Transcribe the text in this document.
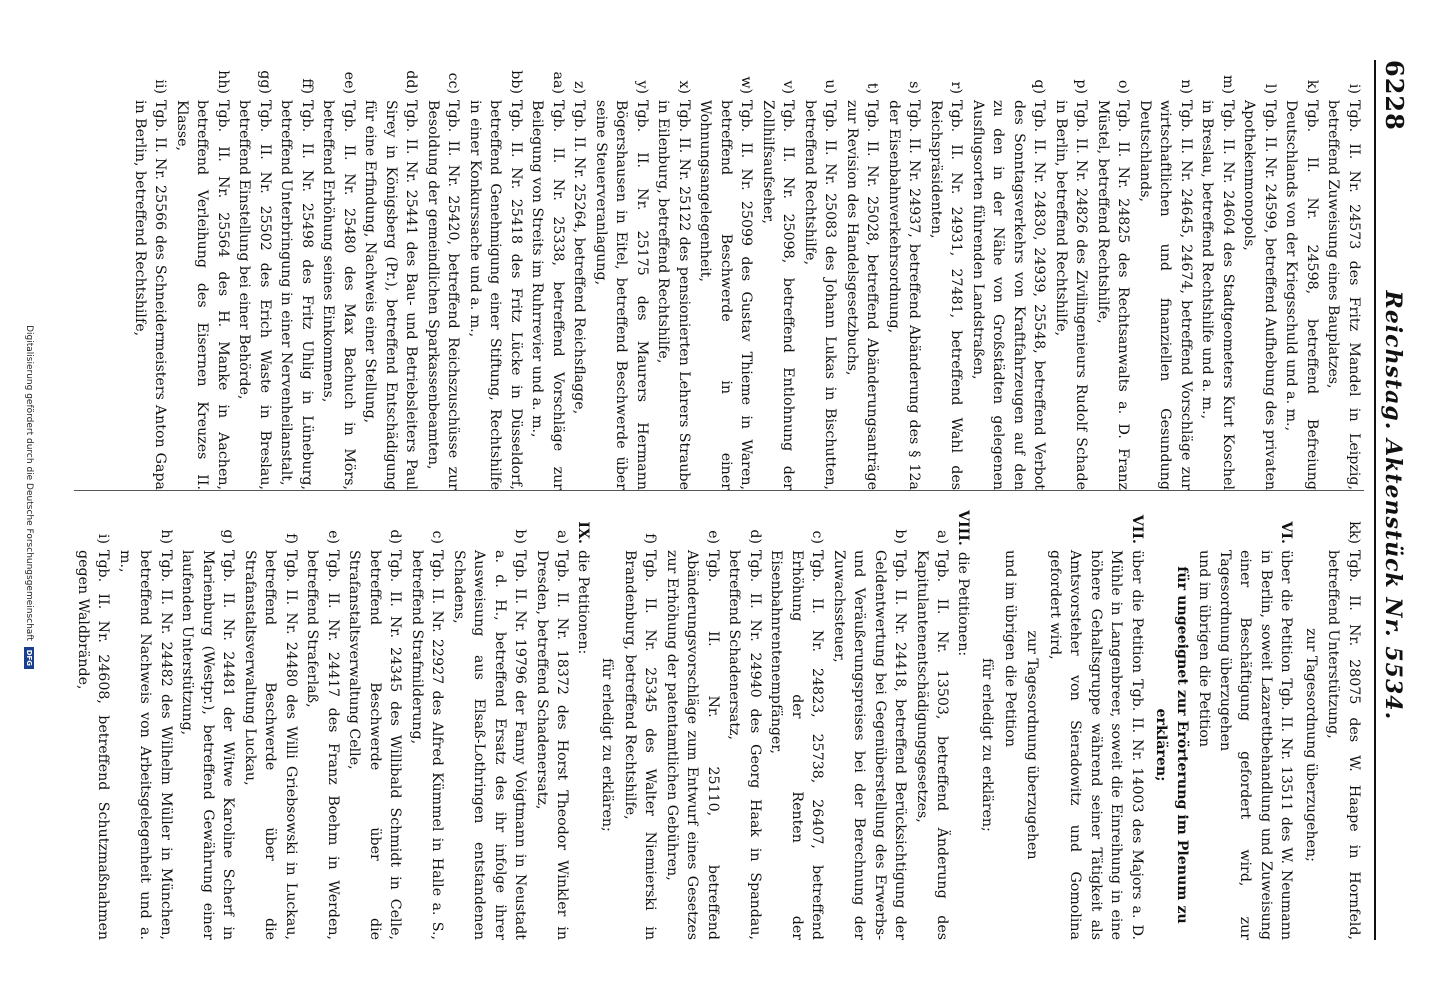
6228
Reichstag. Aktenstück Nr. 5534.
i)
Tgb. II. Nr. 24573 des Fritz Mandel in Leipzig, betreffend Zuweisung eines Bauplatzes,
k)
Tgb. II. Nr. 24598, betreffend Befreiung Deutschlands von der Kriegsschuld und a. m.,
l)
Tgb. II. Nr. 24599, betreffend Aufhebung des privaten Apothekenmonopols,
m)
Tgb. II. Nr. 24604 des Stadtgeometers Kurt Koschel in Breslau, betreffend Rechtshilfe und a. m.,
n)
Tgb. II. Nr. 24645, 24674, betreffend Vorschläge zur wirtschaftlichen und finanziellen Gesundung Deutschlands,
o)
Tgb. II. Nr. 24825 des Rechtsanwalts a. D. Franz Müstel, betreffend Rechtshilfe,
p)
Tgb. II. Nr. 24826 des Zivilingenieurs Rudolf Schade in Berlin, betreffend Rechtshilfe,
q)
Tgb. II. Nr. 24830, 24939, 25548, betreffend Verbot des Sonntagsverkehrs von Kraftfahrzeugen auf den zu den in der Nähe von Großstädten gelegenen Ausflugsorten führenden Landstraßen,
r)
Tgb. II. Nr. 24931, 27481, betreffend Wahl des Reichspräsidenten,
s)
Tgb. II. Nr. 24937, betreffend Abänderung des § 12a der Eisenbahnverkehrsordnung,
t)
Tgb. II. Nr. 25028, betreffend Abänderungsanträge zur Revision des Handelsgesetzbuchs,
u)
Tgb. II. Nr. 25083 des Johann Lukas in Bischutten, betreffend Rechtshilfe,
v)
Tgb. II. Nr. 25098, betreffend Entlohnung der Zollhilfsaufseher,
w)
Tgb. II. Nr. 25099 des Gustav Thieme in Waren, betreffend Beschwerde in einer Wohnungsangelegenheit,
x)
Tgb. II. Nr. 25122 des pensionierten Lehrers Straube in Eilenburg, betreffend Rechtshilfe,
y)
Tgb. II. Nr. 25175 des Maurers Hermann Bögershausen in Eitel, betreffend Beschwerde über seine Steuerveranlagung,
z)
Tgb. II. Nr. 25264, betreffend Reichsflagge,
aa)
Tgb. II. Nr. 25338, betreffend Vorschläge zur Beilegung von Streits im Ruhrrevier und a. m.,
bb)
Tgb. II. Nr. 25418 des Fritz Lücke in Düsseldorf, betreffend Genehmigung einer Stiftung, Rechtshilfe in einer Konkurssache und a. m.,
cc)
Tgb. II. Nr. 25420, betreffend Reichszuschüsse zur Besoldung der gemeindlichen Sparkassenbeamten,
dd)
Tgb. II. Nr. 25441 des Bau- und Betriebsleiters Paul Sirey in Königsberg (Pr.), betreffend Entschädigung für eine Erfindung, Nachweis einer Stellung,
ee)
Tgb. II. Nr. 25480 des Max Bachuch in Mörs, betreffend Erhöhung seines Einkommens,
ff)
Tgb. II. Nr. 25498 des Fritz Uhlig in Lüneburg, betreffend Unterbringung in einer Nervenheilanstalt,
gg)
Tgb. II. Nr. 25502 des Erich Waste in Breslau, betreffend Einstellung bei einer Behörde,
hh)
Tgb. II. Nr. 25564 des H. Manke in Aachen, betreffend Verleihung des Eisernen Kreuzes II. Klasse,
ii)
Tgb. II. Nr. 25566 des Schneidermeisters Anton Gapa in Berlin, betreffend Rechtshilfe,
kk)
Tgb. II. Nr. 28075 des W. Haape in Hornfeld, betreffend Unterstützung,
zur Tagesordnung überzugehen;
VI.
über die Petition Tgb. II. Nr. 13511 des W. Neumann in Berlin, soweit Lazarettbehandlung und Zuweisung einer Beschäftigung gefordert wird, zur Tagesordnung überzugehen
und im übrigen die Petition
für ungeeignet zur Erörterung im Plenum zu erklären;
VII.
über die Petition Tgb. II. Nr. 14003 des Majors a. D. Mühle in Langenbreer, soweit die Einreihung in eine höhere Gehaltsgruppe während seiner Tätigkeit als Amtsvorsteher von Sieradowitz und Gomolina gefordert wird,
zur Tagesordnung überzugehen
und im übrigen die Petition
für erledigt zu erklären;
VIII.
die Petitionen:
a)
Tgb. II. Nr. 13503, betreffend Änderung des Kapitulantenentschädigungsgesetzes,
b)
Tgb. II. Nr. 24418, betreffend Berücksichtigung der Geldentwertung bei Gegenüberstellung des Erwerbs- und Veräußerungspreises bei der Berechnung der Zuwachssteuer,
c)
Tgb. II. Nr. 24823, 25738, 26407, betreffend Erhöhung der Renten der Eisenbahnrentenempfänger,
d)
Tgb. II. Nr. 24940 des Georg Haak in Spandau, betreffend Schadenersatz,
e)
Tgb. II. Nr. 25110, betreffend Abänderungsvorschläge zum Entwurf eines Gesetzes zur Erhöhung der patentamtlichen Gebühren,
f)
Tgb. II. Nr. 25345 des Walter Niemierski in Brandenburg, betreffend Rechtshilfe,
für erledigt zu erklären;
IX.
die Petitionen:
a)
Tgb. II. Nr. 18372 des Horst Theodor Winkler in Dresden, betreffend Schadenersatz,
b)
Tgb. II. Nr. 19796 der Fanny Voigtmann in Neustadt a. d. H., betreffend Ersatz des ihr infolge ihrer Ausweisung aus Elsaß-Lothringen entstandenen Schadens,
c)
Tgb. II. Nr. 22927 des Alfred Kümmel in Halle a. S., betreffend Strafmilderung,
d)
Tgb. II. Nr. 24345 des Willibald Schmidt in Celle, betreffend Beschwerde über die Strafanstaltsverwaltung Celle,
e)
Tgb. II. Nr. 24417 des Franz Boehm in Werden, betreffend Straferlaß,
f)
Tgb. II. Nr. 24480 des Willi Griebsowski in Luckau, betreffend Beschwerde über die Strafanstaltsverwaltung Luckau,
g)
Tgb. II. Nr. 24481 der Witwe Karoline Scherf in Marienburg (Westpr.), betreffend Gewährung einer laufenden Unterstützung,
h)
Tgb. II. Nr. 24482 des Wilhelm Müller in München, betreffend Nachweis von Arbeitsgelegenheit und a. m.,
i)
Tgb. II. Nr. 24608, betreffend Schutzmaßnahmen gegen Waldbrände,
Digitalisierung gefördert durch die Deutsche Forschungsgemeinschaft
DFG
